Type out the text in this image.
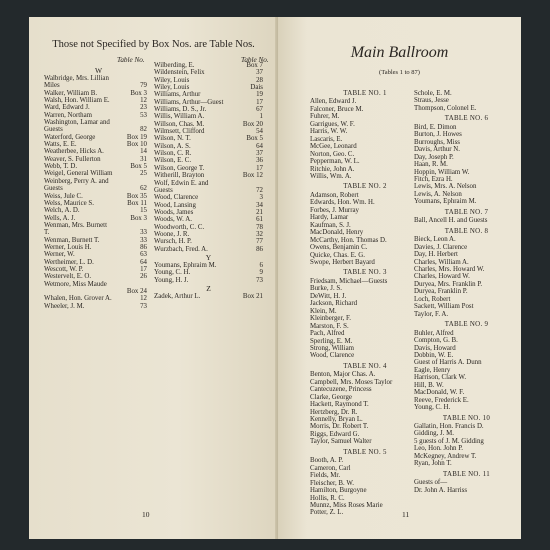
Those not Specified by Box Nos. are Table Nos.
Table No.	Table No.
W
Walbridge, Mrs. Lillian
Miles	79
Walker, William B.	Box 3
Walsh, Hon. William E.	12
Ward, Edward J.	23
Warren, Northam	53
Washington, Lamar and
Guests	82
Waterford, George	Box 19
Watts, E. E.	Box 10
Weatherbee, Hicks A.	14
Weaver, S. Fullerton	31
Webb, T. D.	Box 5
Weigel, General William	25
Weinberg, Perry A. and
Guests	62
Weiss, Jule C.	Box 35
Welss, Maurice S.	Box 11
Welch, A. D.	15
Wells, A. J.	Box 3
Wenman, Mrs. Burnett
T.	33
Wenman, Burnett T.	33
Werner, Louis H.	86
Werner, W.	63
Wertheimer, L. D.	64
Wescott, W. P.	17
Westervelt, E. O.	26
Wetmore, Miss Maude
Box 24
Whalen, Hon. Grover A.	12
Wheeler, J. M.	73
Wilberding, E.	Box 7
Wildenstein, Felix	37
Wiley, Louis	28
Wiley, Louis	Dais
Williams, Arthur	19
Williams, Arthur—Guest	17
Williams, D. S., Jr.	67
Willis, William A.	1
Willson, Chas. M.	Box 20
Wilmsett, Clifford	54
Wilson, N. T.	Box 5
Wilson, A. S.	64
Wilson, C. R.	37
Wilson, E. C.	36
Wilson, George T.	17
Witherill, Brayton	Box 12
Wolf, Edwin E. and
Guests	72
Wood, Clarence	3
Wood, Lansing	34
Woods, James	21
Woods, W. A.	61
Woodworth, C. C.	78
Woone, J. R.	32
Wursch, H. P.	77
Wurzbach, Fred. A.	86
Y
Youmans, Ephraim M.	6
Young, C. H.	9
Young, H. J.	73
Z
Zadek, Arthur L.	Box 21
10
Main Ballroom
(Tables 1 to 87)
TABLE NO. 1
Allen, Edward J.
Falconer, Bruce M.
Fuhrer, M.
Garrigues, W. F.
Harris, W. W.
Lascaris, E.
McGee, Leonard
Norton, Geo. C.
Pepperman, W. L.
Ritchie, John A.
Willis, Wm. A.
TABLE NO. 2
Adamson, Robert
Edwards, Hon. Wm. H.
Forbes, J. Murray
Hardy, Lamar
Kaufman, S. J.
MacDonald, Henry
McCarthy, Hon. Thomas D.
Owens, Benjamin C.
Quicke, Chas. E. G.
Swope, Herbert Bayard
TABLE NO. 3
Friedsam, Michael—Guests
Burke, J. S.
DeWitt, H. J.
Jackson, Richard
Klein, M.
Kleinberger, F.
Marston, F. S.
Pach, Alfred
Sperling, E. M.
Strong, William
Wood, Clarence
TABLE NO. 4
Benton, Major Chas. A.
Campbell, Mrs. Moses Taylor
Cantecuzene, Princess
Clarke, George
Hackett, Raymond T.
Hertzberg, Dr. R.
Kennelly, Bryan L.
Morris, Dr. Robert T.
Riggs, Edward G.
Taylor, Samuel Walter
TABLE NO. 5
Booth, A. P.
Cameron, Carl
Fields, Mr.
Fleischer, B. W.
Hamilton, Burgoyne
Hollis, R. C.
Munnz, Miss Roses Marie
Potter, Z. L.
Schole, E. M.
Straus, Jesse
Thompson, Colonel E.
TABLE NO. 6
Bird, E. Dimon
Burton, J. Howes
Burroughs, Miss
Davis, Arthur N.
Day, Joseph P.
Haan, R. M.
Hoppin, William W.
Fitch, Ezra H.
Lewis, Mrs. A. Nelson
Lewis, A. Nelson
Youmans, Ephraim M.
TABLE NO. 7
Ball, Ancell H. and Guests
TABLE NO. 8
Bieck, Leon A.
Davies, J. Clarence
Day, H. Herbert
Charles, William A.
Charles, Mrs. Howard W.
Charles, Howard W.
Duryea, Mrs. Franklin P.
Duryea, Franklin P.
Loch, Robert
Sackett, William Post
Taylor, F. A.
TABLE NO. 9
Buhler, Alfred
Compton, G. B.
Davis, Howard
Dobbin, W. E.
Guest of Harris A. Dunn
Eagle, Henry
Harrison, Clark W.
Hill, B. W.
MacDonald, W. F.
Reeve, Frederick E.
Young, C. H.
TABLE NO. 10
Gallatin, Hon. Francis D.
Gidding, J. M.
5 guests of J. M. Gidding
Leo, Hon. John P.
McKegney, Andrew T.
Ryan, John T.
TABLE NO. 11
Guests of—
Dr. John A. Harriss
11
